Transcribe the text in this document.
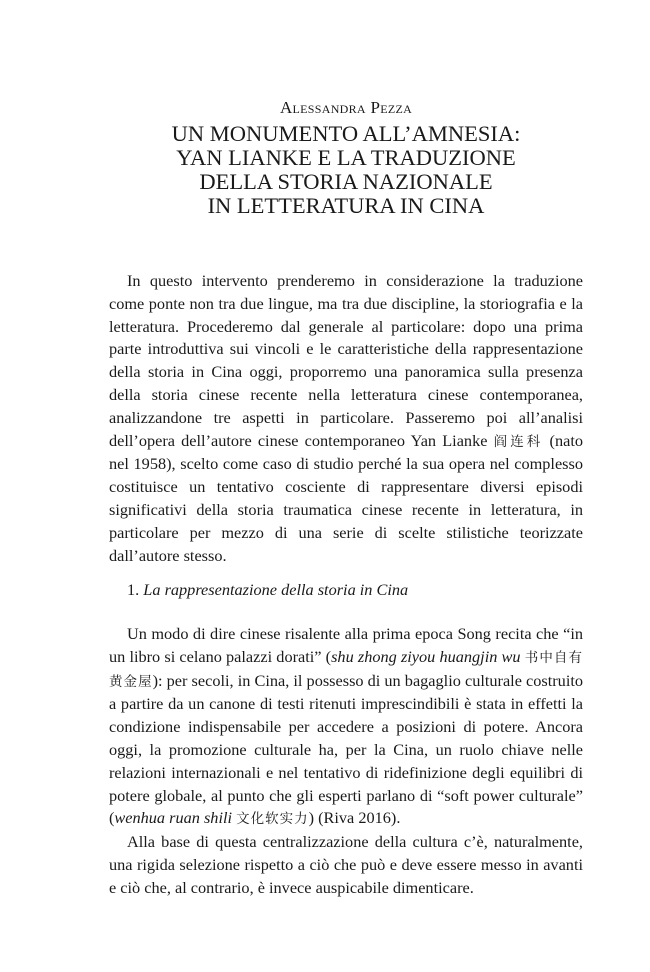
Alessandra Pezza
UN MONUMENTO ALL’AMNESIA:
YAN LIANKE E LA TRADUZIONE
DELLA STORIA NAZIONALE
IN LETTERATURA IN CINA

In questo intervento prenderemo in considerazione la traduzione come ponte non tra due lingue, ma tra due discipline, la storiografia e la letteratura. Procederemo dal generale al particolare: dopo una prima parte introduttiva sui vincoli e le caratteristiche della rappresentazione della storia in Cina oggi, proporremo una panoramica sulla presenza della storia cinese recente nella letteratura cinese contemporanea, analizzandone tre aspetti in particolare. Passeremo poi all’analisi dell’opera dell’autore cinese contemporaneo Yan Lianke 阎连科 (nato nel 1958), scelto come caso di studio perché la sua opera nel complesso costituisce un tentativo cosciente di rappresentare diversi episodi significativi della storia traumatica cinese recente in letteratura, in particolare per mezzo di una serie di scelte stilistiche teorizzate dall’autore stesso.

1. La rappresentazione della storia in Cina

Un modo di dire cinese risalente alla prima epoca Song recita che “in un libro si celano palazzi dorati” (shu zhong ziyou huangjin wu 书中自有黄金屋): per secoli, in Cina, il possesso di un bagaglio culturale costruito a partire da un canone di testi ritenuti imprescindibili è stata in effetti la condizione indispensabile per accedere a posizioni di potere. Ancora oggi, la promozione culturale ha, per la Cina, un ruolo chiave nelle relazioni internazionali e nel tentativo di ridefinizione degli equilibri di potere globale, al punto che gli esperti parlano di “soft power culturale” (wenhua ruan shili 文化软实力) (Riva 2016).

Alla base di questa centralizzazione della cultura c’è, naturalmente, una rigida selezione rispetto a ciò che può e deve essere messo in avanti e ciò che, al contrario, è invece auspicabile dimenticare.
